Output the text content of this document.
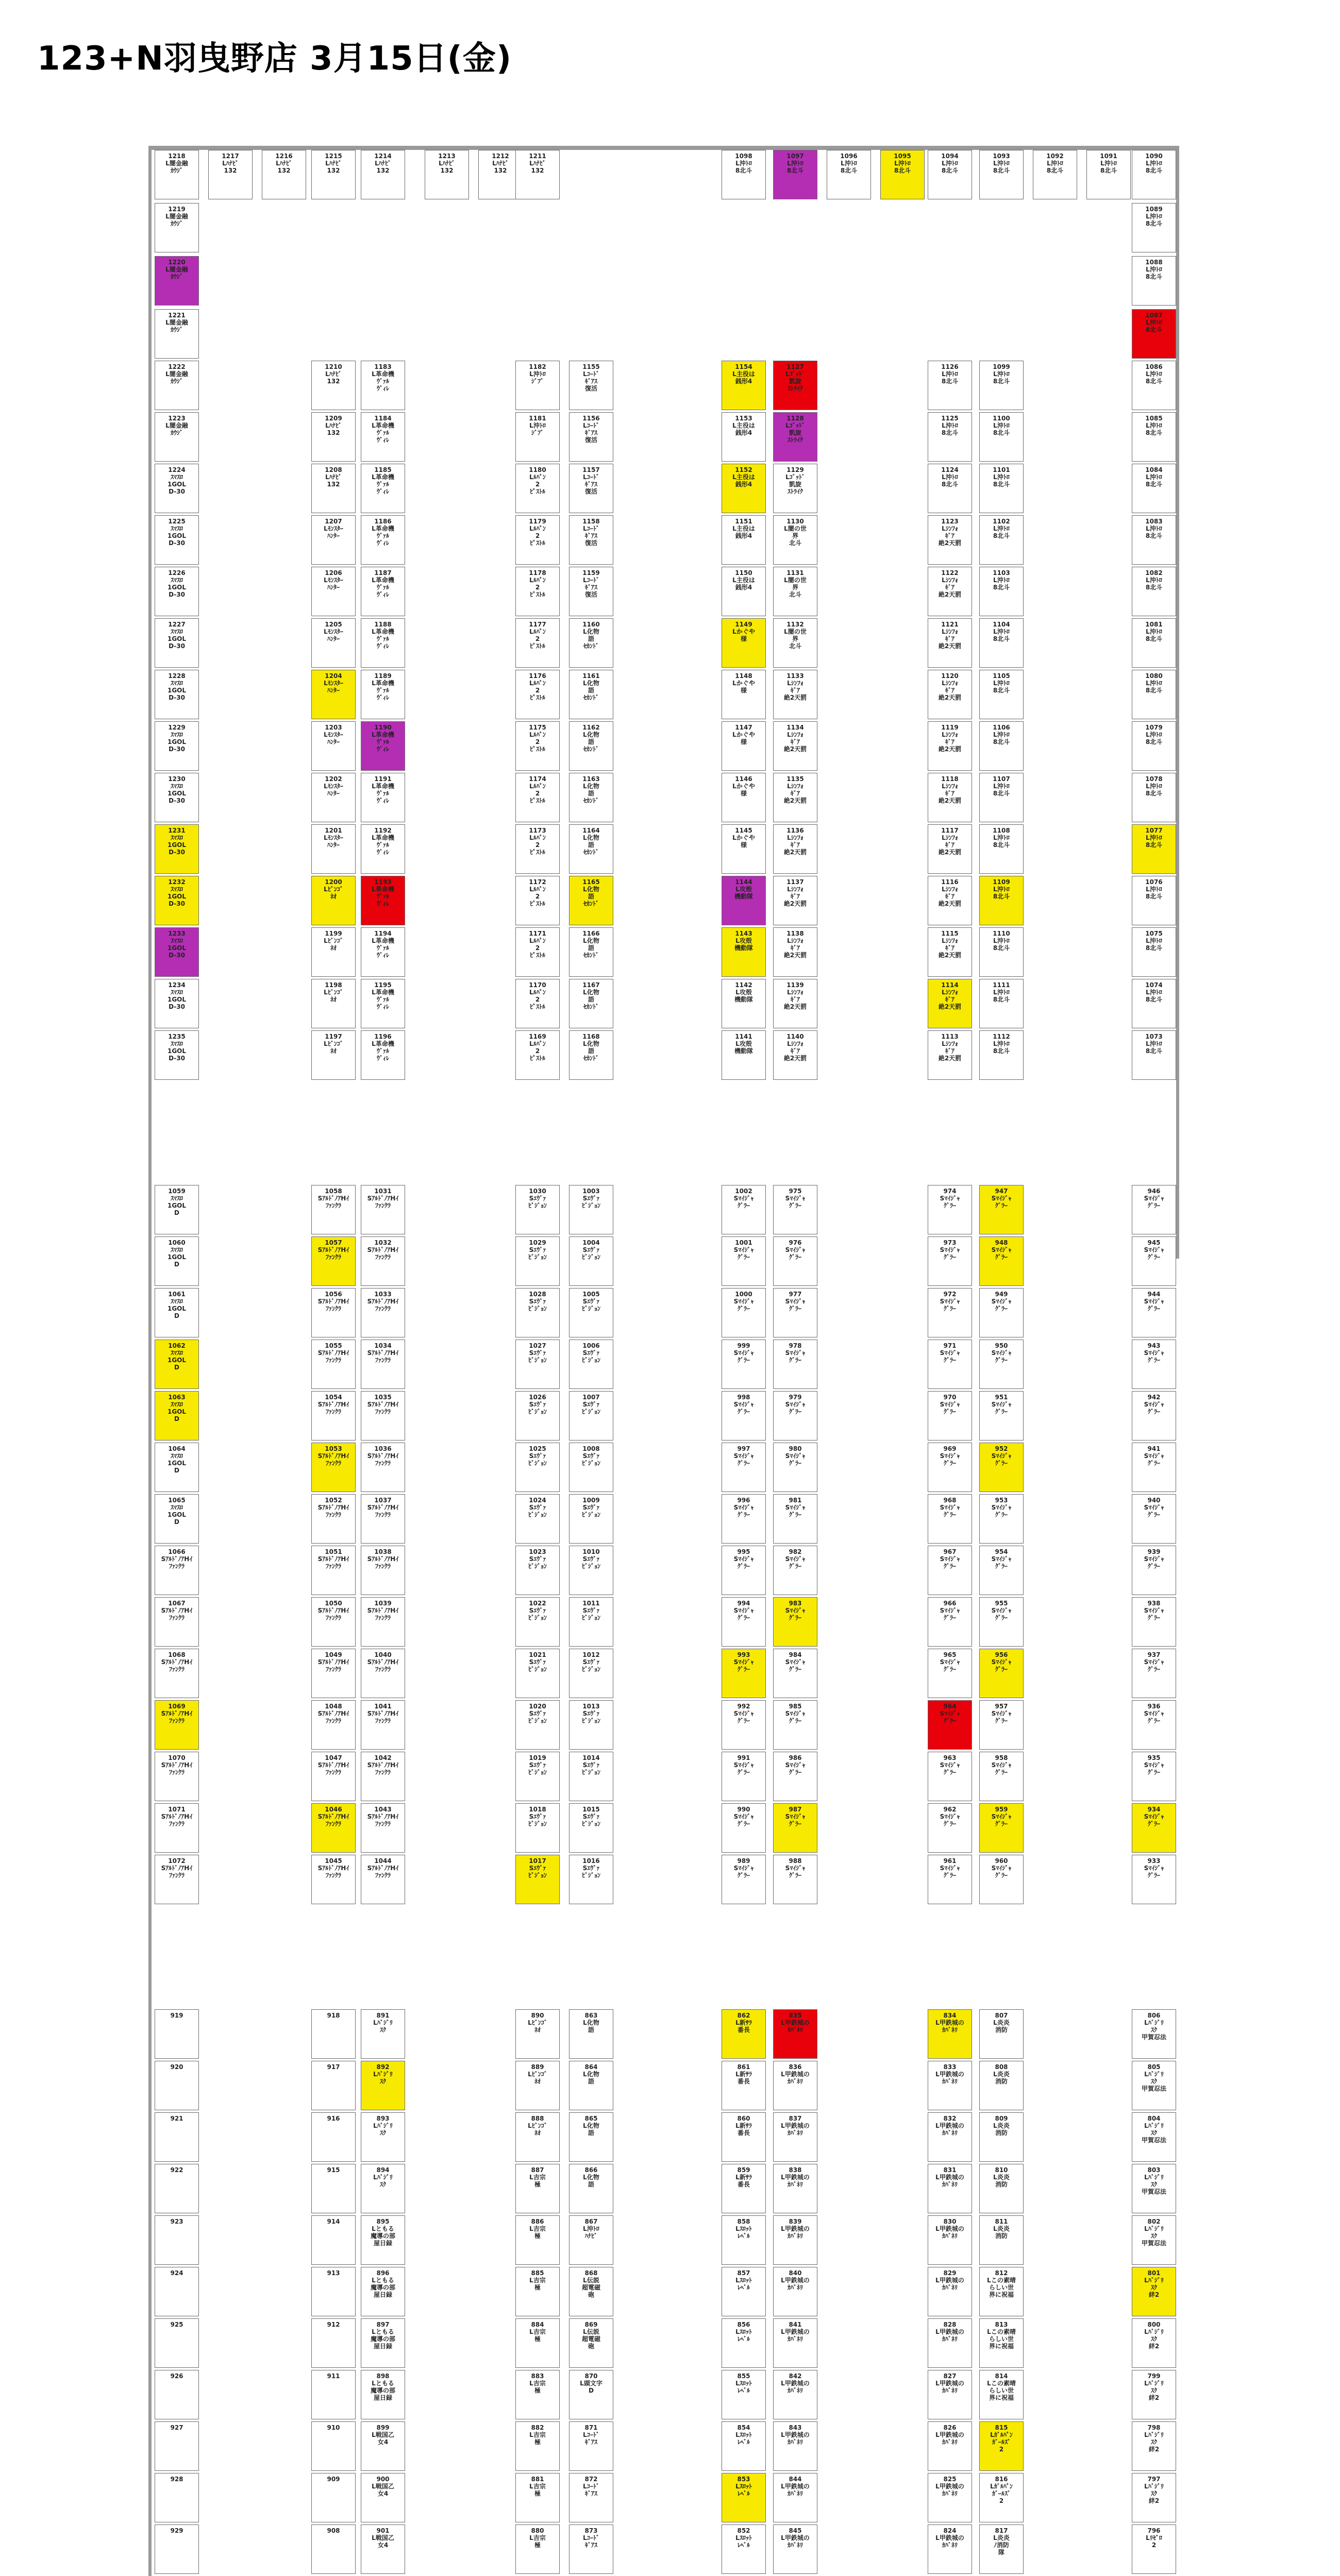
123+N羽曳野店 3月15日(金)
1218
L闇金融
ｶｳｼﾞ
1217
Lﾊﾅﾋﾞ
132
1216
Lﾊﾅﾋﾞ
132
1215
Lﾊﾅﾋﾞ
132
1214
Lﾊﾅﾋﾞ
132
1213
Lﾊﾅﾋﾞ
132
1212
Lﾊﾅﾋﾞ
132
1211
Lﾊﾅﾋﾞ
132
1098
L沖ﾄﾛ
8北斗
1097
L沖ﾄﾛ
8北斗
1096
L沖ﾄﾛ
8北斗
1095
L沖ﾄﾛ
8北斗
1094
L沖ﾄﾛ
8北斗
1093
L沖ﾄﾛ
8北斗
1092
L沖ﾄﾛ
8北斗
1091
L沖ﾄﾛ
8北斗
1090
L沖ﾄﾛ
8北斗
1219
L闇金融
ｶｳｼﾞ
1089
L沖ﾄﾛ
8北斗
1220
L闇金融
ｶｳｼﾞ
1088
L沖ﾄﾛ
8北斗
1221
L闇金融
ｶｳｼﾞ
1087
L沖ﾄﾛ
8北斗
1222
L闇金融
ｶｳｼﾞ
1210
Lﾊﾅﾋﾞ
132
1183
L革命機
ｳﾞｧﾙ
ｳﾞｨﾚ
1182
L沖ﾄﾛ
ｼﾞﾌﾞ
1155
Lｺｰﾄﾞ
ｷﾞｱｽ
復活
1154
L主役は
銭形4
1127
Lｺﾞｯﾄﾞ
凱旋
ｽﾄﾗｲｸ
1126
L沖ﾄﾛ
8北斗
1099
L沖ﾄﾛ
8北斗
1086
L沖ﾄﾛ
8北斗
1223
L闇金融
ｶｳｼﾞ
1209
Lﾊﾅﾋﾞ
132
1184
L革命機
ｳﾞｧﾙ
ｳﾞｨﾚ
1181
L沖ﾄﾛ
ｼﾞﾌﾞ
1156
Lｺｰﾄﾞ
ｷﾞｱｽ
復活
1153
L主役は
銭形4
1128
Lｺﾞｯﾄﾞ
凱旋
ｽﾄﾗｲｸ
1125
L沖ﾄﾛ
8北斗
1100
L沖ﾄﾛ
8北斗
1085
L沖ﾄﾛ
8北斗
1224
ｽﾏｽﾛ
1GOL
D-30
1208
Lﾊﾅﾋﾞ
132
1185
L革命機
ｳﾞｧﾙ
ｳﾞｨﾚ
1180
Lﾙﾊﾟﾝ
2
ﾋﾟｽﾄﾙ
1157
Lｺｰﾄﾞ
ｷﾞｱｽ
復活
1152
L主役は
銭形4
1129
Lｺﾞｯﾄﾞ
凱旋
ｽﾄﾗｲｸ
1124
L沖ﾄﾛ
8北斗
1101
L沖ﾄﾛ
8北斗
1084
L沖ﾄﾛ
8北斗
1225
ｽﾏｽﾛ
1GOL
D-30
1207
Lﾓﾝｽﾀｰ
ﾊﾝﾀｰ
1186
L革命機
ｳﾞｧﾙ
ｳﾞｨﾚ
1179
Lﾙﾊﾟﾝ
2
ﾋﾟｽﾄﾙ
1158
Lｺｰﾄﾞ
ｷﾞｱｽ
復活
1151
L主役は
銭形4
1130
L闇の世
界
北斗
1123
Lｼﾝﾌｫ
ｷﾞｱ
絶2天罰
1102
L沖ﾄﾛ
8北斗
1083
L沖ﾄﾛ
8北斗
1226
ｽﾏｽﾛ
1GOL
D-30
1206
Lﾓﾝｽﾀｰ
ﾊﾝﾀｰ
1187
L革命機
ｳﾞｧﾙ
ｳﾞｨﾚ
1178
Lﾙﾊﾟﾝ
2
ﾋﾟｽﾄﾙ
1159
Lｺｰﾄﾞ
ｷﾞｱｽ
復活
1150
L主役は
銭形4
1131
L闇の世
界
北斗
1122
Lｼﾝﾌｫ
ｷﾞｱ
絶2天罰
1103
L沖ﾄﾛ
8北斗
1082
L沖ﾄﾛ
8北斗
1227
ｽﾏｽﾛ
1GOL
D-30
1205
Lﾓﾝｽﾀｰ
ﾊﾝﾀｰ
1188
L革命機
ｳﾞｧﾙ
ｳﾞｨﾚ
1177
Lﾙﾊﾟﾝ
2
ﾋﾟｽﾄﾙ
1160
L化物
語
ｾｶﾝﾄﾞ
1149
Lかぐや
様
1132
L闇の世
界
北斗
1121
Lｼﾝﾌｫ
ｷﾞｱ
絶2天罰
1104
L沖ﾄﾛ
8北斗
1081
L沖ﾄﾛ
8北斗
1228
ｽﾏｽﾛ
1GOL
D-30
1204
Lﾓﾝｽﾀｰ
ﾊﾝﾀｰ
1189
L革命機
ｳﾞｧﾙ
ｳﾞｨﾚ
1176
Lﾙﾊﾟﾝ
2
ﾋﾟｽﾄﾙ
1161
L化物
語
ｾｶﾝﾄﾞ
1148
Lかぐや
様
1133
Lｼﾝﾌｫ
ｷﾞｱ
絶2天罰
1120
Lｼﾝﾌｫ
ｷﾞｱ
絶2天罰
1105
L沖ﾄﾛ
8北斗
1080
L沖ﾄﾛ
8北斗
1229
ｽﾏｽﾛ
1GOL
D-30
1203
Lﾓﾝｽﾀｰ
ﾊﾝﾀｰ
1190
L革命機
ｳﾞｧﾙ
ｳﾞｨﾚ
1175
Lﾙﾊﾟﾝ
2
ﾋﾟｽﾄﾙ
1162
L化物
語
ｾｶﾝﾄﾞ
1147
Lかぐや
様
1134
Lｼﾝﾌｫ
ｷﾞｱ
絶2天罰
1119
Lｼﾝﾌｫ
ｷﾞｱ
絶2天罰
1106
L沖ﾄﾛ
8北斗
1079
L沖ﾄﾛ
8北斗
1230
ｽﾏｽﾛ
1GOL
D-30
1202
Lﾓﾝｽﾀｰ
ﾊﾝﾀｰ
1191
L革命機
ｳﾞｧﾙ
ｳﾞｨﾚ
1174
Lﾙﾊﾟﾝ
2
ﾋﾟｽﾄﾙ
1163
L化物
語
ｾｶﾝﾄﾞ
1146
Lかぐや
様
1135
Lｼﾝﾌｫ
ｷﾞｱ
絶2天罰
1118
Lｼﾝﾌｫ
ｷﾞｱ
絶2天罰
1107
L沖ﾄﾛ
8北斗
1078
L沖ﾄﾛ
8北斗
1231
ｽﾏｽﾛ
1GOL
D-30
1201
Lﾓﾝｽﾀｰ
ﾊﾝﾀｰ
1192
L革命機
ｳﾞｧﾙ
ｳﾞｨﾚ
1173
Lﾙﾊﾟﾝ
2
ﾋﾟｽﾄﾙ
1164
L化物
語
ｾｶﾝﾄﾞ
1145
Lかぐや
様
1136
Lｼﾝﾌｫ
ｷﾞｱ
絶2天罰
1117
Lｼﾝﾌｫ
ｷﾞｱ
絶2天罰
1108
L沖ﾄﾛ
8北斗
1077
L沖ﾄﾛ
8北斗
1232
ｽﾏｽﾛ
1GOL
D-30
1200
Lﾋﾞﾝｺﾞ
ﾈｵ
1193
L革命機
ｳﾞｧﾙ
ｳﾞｨﾚ
1172
Lﾙﾊﾟﾝ
2
ﾋﾟｽﾄﾙ
1165
L化物
語
ｾｶﾝﾄﾞ
1144
L攻殻
機動隊
1137
Lｼﾝﾌｫ
ｷﾞｱ
絶2天罰
1116
Lｼﾝﾌｫ
ｷﾞｱ
絶2天罰
1109
L沖ﾄﾛ
8北斗
1076
L沖ﾄﾛ
8北斗
1233
ｽﾏｽﾛ
1GOL
D-30
1199
Lﾋﾞﾝｺﾞ
ﾈｵ
1194
L革命機
ｳﾞｧﾙ
ｳﾞｨﾚ
1171
Lﾙﾊﾟﾝ
2
ﾋﾟｽﾄﾙ
1166
L化物
語
ｾｶﾝﾄﾞ
1143
L攻殻
機動隊
1138
Lｼﾝﾌｫ
ｷﾞｱ
絶2天罰
1115
Lｼﾝﾌｫ
ｷﾞｱ
絶2天罰
1110
L沖ﾄﾛ
8北斗
1075
L沖ﾄﾛ
8北斗
1234
ｽﾏｽﾛ
1GOL
D-30
1198
Lﾋﾞﾝｺﾞ
ﾈｵ
1195
L革命機
ｳﾞｧﾙ
ｳﾞｨﾚ
1170
Lﾙﾊﾟﾝ
2
ﾋﾟｽﾄﾙ
1167
L化物
語
ｾｶﾝﾄﾞ
1142
L攻殻
機動隊
1139
Lｼﾝﾌｫ
ｷﾞｱ
絶2天罰
1114
Lｼﾝﾌｫ
ｷﾞｱ
絶2天罰
1111
L沖ﾄﾛ
8北斗
1074
L沖ﾄﾛ
8北斗
1235
ｽﾏｽﾛ
1GOL
D-30
1197
Lﾋﾞﾝｺﾞ
ﾈｵ
1196
L革命機
ｳﾞｧﾙ
ｳﾞｨﾚ
1169
Lﾙﾊﾟﾝ
2
ﾋﾟｽﾄﾙ
1168
L化物
語
ｾｶﾝﾄﾞ
1141
L攻殻
機動隊
1140
Lｼﾝﾌｫ
ｷﾞｱ
絶2天罰
1113
Lｼﾝﾌｫ
ｷﾞｱ
絶2天罰
1112
L沖ﾄﾛ
8北斗
1073
L沖ﾄﾛ
8北斗
1059
ｽﾏｽﾛ
1GOL
D
1058
SｱﾙﾄﾞﾉｱHｲ
ﾌｧﾝｸﾗ
1031
SｱﾙﾄﾞﾉｱHｲ
ﾌｧﾝｸﾗ
1030
Sｴｳﾞｧ
ﾋﾞｼﾞｮﾝ
1003
Sｴｳﾞｧ
ﾋﾞｼﾞｮﾝ
1002
Sﾏｲｼﾞｬ
ｸﾞﾗｰ
975
Sﾏｲｼﾞｬ
ｸﾞﾗｰ
974
Sﾏｲｼﾞｬ
ｸﾞﾗｰ
947
Sﾏｲｼﾞｬ
ｸﾞﾗｰ
946
Sﾏｲｼﾞｬ
ｸﾞﾗｰ
1060
ｽﾏｽﾛ
1GOL
D
1057
SｱﾙﾄﾞﾉｱHｲ
ﾌｧﾝｸﾗ
1032
SｱﾙﾄﾞﾉｱHｲ
ﾌｧﾝｸﾗ
1029
Sｴｳﾞｧ
ﾋﾞｼﾞｮﾝ
1004
Sｴｳﾞｧ
ﾋﾞｼﾞｮﾝ
1001
Sﾏｲｼﾞｬ
ｸﾞﾗｰ
976
Sﾏｲｼﾞｬ
ｸﾞﾗｰ
973
Sﾏｲｼﾞｬ
ｸﾞﾗｰ
948
Sﾏｲｼﾞｬ
ｸﾞﾗｰ
945
Sﾏｲｼﾞｬ
ｸﾞﾗｰ
1061
ｽﾏｽﾛ
1GOL
D
1056
SｱﾙﾄﾞﾉｱHｲ
ﾌｧﾝｸﾗ
1033
SｱﾙﾄﾞﾉｱHｲ
ﾌｧﾝｸﾗ
1028
Sｴｳﾞｧ
ﾋﾞｼﾞｮﾝ
1005
Sｴｳﾞｧ
ﾋﾞｼﾞｮﾝ
1000
Sﾏｲｼﾞｬ
ｸﾞﾗｰ
977
Sﾏｲｼﾞｬ
ｸﾞﾗｰ
972
Sﾏｲｼﾞｬ
ｸﾞﾗｰ
949
Sﾏｲｼﾞｬ
ｸﾞﾗｰ
944
Sﾏｲｼﾞｬ
ｸﾞﾗｰ
1062
ｽﾏｽﾛ
1GOL
D
1055
SｱﾙﾄﾞﾉｱHｲ
ﾌｧﾝｸﾗ
1034
SｱﾙﾄﾞﾉｱHｲ
ﾌｧﾝｸﾗ
1027
Sｴｳﾞｧ
ﾋﾞｼﾞｮﾝ
1006
Sｴｳﾞｧ
ﾋﾞｼﾞｮﾝ
999
Sﾏｲｼﾞｬ
ｸﾞﾗｰ
978
Sﾏｲｼﾞｬ
ｸﾞﾗｰ
971
Sﾏｲｼﾞｬ
ｸﾞﾗｰ
950
Sﾏｲｼﾞｬ
ｸﾞﾗｰ
943
Sﾏｲｼﾞｬ
ｸﾞﾗｰ
1063
ｽﾏｽﾛ
1GOL
D
1054
SｱﾙﾄﾞﾉｱHｲ
ﾌｧﾝｸﾗ
1035
SｱﾙﾄﾞﾉｱHｲ
ﾌｧﾝｸﾗ
1026
Sｴｳﾞｧ
ﾋﾞｼﾞｮﾝ
1007
Sｴｳﾞｧ
ﾋﾞｼﾞｮﾝ
998
Sﾏｲｼﾞｬ
ｸﾞﾗｰ
979
Sﾏｲｼﾞｬ
ｸﾞﾗｰ
970
Sﾏｲｼﾞｬ
ｸﾞﾗｰ
951
Sﾏｲｼﾞｬ
ｸﾞﾗｰ
942
Sﾏｲｼﾞｬ
ｸﾞﾗｰ
1064
ｽﾏｽﾛ
1GOL
D
1053
SｱﾙﾄﾞﾉｱHｲ
ﾌｧﾝｸﾗ
1036
SｱﾙﾄﾞﾉｱHｲ
ﾌｧﾝｸﾗ
1025
Sｴｳﾞｧ
ﾋﾞｼﾞｮﾝ
1008
Sｴｳﾞｧ
ﾋﾞｼﾞｮﾝ
997
Sﾏｲｼﾞｬ
ｸﾞﾗｰ
980
Sﾏｲｼﾞｬ
ｸﾞﾗｰ
969
Sﾏｲｼﾞｬ
ｸﾞﾗｰ
952
Sﾏｲｼﾞｬ
ｸﾞﾗｰ
941
Sﾏｲｼﾞｬ
ｸﾞﾗｰ
1065
ｽﾏｽﾛ
1GOL
D
1052
SｱﾙﾄﾞﾉｱHｲ
ﾌｧﾝｸﾗ
1037
SｱﾙﾄﾞﾉｱHｲ
ﾌｧﾝｸﾗ
1024
Sｴｳﾞｧ
ﾋﾞｼﾞｮﾝ
1009
Sｴｳﾞｧ
ﾋﾞｼﾞｮﾝ
996
Sﾏｲｼﾞｬ
ｸﾞﾗｰ
981
Sﾏｲｼﾞｬ
ｸﾞﾗｰ
968
Sﾏｲｼﾞｬ
ｸﾞﾗｰ
953
Sﾏｲｼﾞｬ
ｸﾞﾗｰ
940
Sﾏｲｼﾞｬ
ｸﾞﾗｰ
1066
SｱﾙﾄﾞﾉｱHｲ
ﾌｧﾝｸﾗ
1051
SｱﾙﾄﾞﾉｱHｲ
ﾌｧﾝｸﾗ
1038
SｱﾙﾄﾞﾉｱHｲ
ﾌｧﾝｸﾗ
1023
Sｴｳﾞｧ
ﾋﾞｼﾞｮﾝ
1010
Sｴｳﾞｧ
ﾋﾞｼﾞｮﾝ
995
Sﾏｲｼﾞｬ
ｸﾞﾗｰ
982
Sﾏｲｼﾞｬ
ｸﾞﾗｰ
967
Sﾏｲｼﾞｬ
ｸﾞﾗｰ
954
Sﾏｲｼﾞｬ
ｸﾞﾗｰ
939
Sﾏｲｼﾞｬ
ｸﾞﾗｰ
1067
SｱﾙﾄﾞﾉｱHｲ
ﾌｧﾝｸﾗ
1050
SｱﾙﾄﾞﾉｱHｲ
ﾌｧﾝｸﾗ
1039
SｱﾙﾄﾞﾉｱHｲ
ﾌｧﾝｸﾗ
1022
Sｴｳﾞｧ
ﾋﾞｼﾞｮﾝ
1011
Sｴｳﾞｧ
ﾋﾞｼﾞｮﾝ
994
Sﾏｲｼﾞｬ
ｸﾞﾗｰ
983
Sﾏｲｼﾞｬ
ｸﾞﾗｰ
966
Sﾏｲｼﾞｬ
ｸﾞﾗｰ
955
Sﾏｲｼﾞｬ
ｸﾞﾗｰ
938
Sﾏｲｼﾞｬ
ｸﾞﾗｰ
1068
SｱﾙﾄﾞﾉｱHｲ
ﾌｧﾝｸﾗ
1049
SｱﾙﾄﾞﾉｱHｲ
ﾌｧﾝｸﾗ
1040
SｱﾙﾄﾞﾉｱHｲ
ﾌｧﾝｸﾗ
1021
Sｴｳﾞｧ
ﾋﾞｼﾞｮﾝ
1012
Sｴｳﾞｧ
ﾋﾞｼﾞｮﾝ
993
Sﾏｲｼﾞｬ
ｸﾞﾗｰ
984
Sﾏｲｼﾞｬ
ｸﾞﾗｰ
965
Sﾏｲｼﾞｬ
ｸﾞﾗｰ
956
Sﾏｲｼﾞｬ
ｸﾞﾗｰ
937
Sﾏｲｼﾞｬ
ｸﾞﾗｰ
1069
SｱﾙﾄﾞﾉｱHｲ
ﾌｧﾝｸﾗ
1048
SｱﾙﾄﾞﾉｱHｲ
ﾌｧﾝｸﾗ
1041
SｱﾙﾄﾞﾉｱHｲ
ﾌｧﾝｸﾗ
1020
Sｴｳﾞｧ
ﾋﾞｼﾞｮﾝ
1013
Sｴｳﾞｧ
ﾋﾞｼﾞｮﾝ
992
Sﾏｲｼﾞｬ
ｸﾞﾗｰ
985
Sﾏｲｼﾞｬ
ｸﾞﾗｰ
964
Sﾏｲｼﾞｬ
ｸﾞﾗｰ
957
Sﾏｲｼﾞｬ
ｸﾞﾗｰ
936
Sﾏｲｼﾞｬ
ｸﾞﾗｰ
1070
SｱﾙﾄﾞﾉｱHｲ
ﾌｧﾝｸﾗ
1047
SｱﾙﾄﾞﾉｱHｲ
ﾌｧﾝｸﾗ
1042
SｱﾙﾄﾞﾉｱHｲ
ﾌｧﾝｸﾗ
1019
Sｴｳﾞｧ
ﾋﾞｼﾞｮﾝ
1014
Sｴｳﾞｧ
ﾋﾞｼﾞｮﾝ
991
Sﾏｲｼﾞｬ
ｸﾞﾗｰ
986
Sﾏｲｼﾞｬ
ｸﾞﾗｰ
963
Sﾏｲｼﾞｬ
ｸﾞﾗｰ
958
Sﾏｲｼﾞｬ
ｸﾞﾗｰ
935
Sﾏｲｼﾞｬ
ｸﾞﾗｰ
1071
SｱﾙﾄﾞﾉｱHｲ
ﾌｧﾝｸﾗ
1046
SｱﾙﾄﾞﾉｱHｲ
ﾌｧﾝｸﾗ
1043
SｱﾙﾄﾞﾉｱHｲ
ﾌｧﾝｸﾗ
1018
Sｴｳﾞｧ
ﾋﾞｼﾞｮﾝ
1015
Sｴｳﾞｧ
ﾋﾞｼﾞｮﾝ
990
Sﾏｲｼﾞｬ
ｸﾞﾗｰ
987
Sﾏｲｼﾞｬ
ｸﾞﾗｰ
962
Sﾏｲｼﾞｬ
ｸﾞﾗｰ
959
Sﾏｲｼﾞｬ
ｸﾞﾗｰ
934
Sﾏｲｼﾞｬ
ｸﾞﾗｰ
1072
SｱﾙﾄﾞﾉｱHｲ
ﾌｧﾝｸﾗ
1045
SｱﾙﾄﾞﾉｱHｲ
ﾌｧﾝｸﾗ
1044
SｱﾙﾄﾞﾉｱHｲ
ﾌｧﾝｸﾗ
1017
Sｴｳﾞｧ
ﾋﾞｼﾞｮﾝ
1016
Sｴｳﾞｧ
ﾋﾞｼﾞｮﾝ
989
Sﾏｲｼﾞｬ
ｸﾞﾗｰ
988
Sﾏｲｼﾞｬ
ｸﾞﾗｰ
961
Sﾏｲｼﾞｬ
ｸﾞﾗｰ
960
Sﾏｲｼﾞｬ
ｸﾞﾗｰ
933
Sﾏｲｼﾞｬ
ｸﾞﾗｰ
919	918	891
Lﾊﾞｼﾞﾘ
ｽｸ
890
Lﾋﾞﾝｺﾞ
ﾈｵ
863
L化物
語
862
L新ｻﾗ
番長
835
L甲鉄城の
ｶﾊﾞﾈﾘ
834
L甲鉄城の
ｶﾊﾞﾈﾘ
807
L炎炎
消防
806
Lﾊﾞｼﾞﾘ
ｽｸ
甲賀忍法
920	917	892
Lﾊﾞｼﾞﾘ
ｽｸ
889
Lﾋﾞﾝｺﾞ
ﾈｵ
864
L化物
語
861
L新ｻﾗ
番長
836
L甲鉄城の
ｶﾊﾞﾈﾘ
833
L甲鉄城の
ｶﾊﾞﾈﾘ
808
L炎炎
消防
805
Lﾊﾞｼﾞﾘ
ｽｸ
甲賀忍法
921	916	893
Lﾊﾞｼﾞﾘ
ｽｸ
888
Lﾋﾞﾝｺﾞ
ﾈｵ
865
L化物
語
860
L新ｻﾗ
番長
837
L甲鉄城の
ｶﾊﾞﾈﾘ
832
L甲鉄城の
ｶﾊﾞﾈﾘ
809
L炎炎
消防
804
Lﾊﾞｼﾞﾘ
ｽｸ
甲賀忍法
922	915	894
Lﾊﾞｼﾞﾘ
ｽｸ
887
L吉宗
極
866
L化物
語
859
L新ｻﾗ
番長
838
L甲鉄城の
ｶﾊﾞﾈﾘ
831
L甲鉄城の
ｶﾊﾞﾈﾘ
810
L炎炎
消防
803
Lﾊﾞｼﾞﾘ
ｽｸ
甲賀忍法
923	914	895
Lともる
魔導の部
屋日録
886
L吉宗
極
867
L沖ﾄﾛ
ﾊﾅﾋﾞ
858
Lｽﾛｯﾄ
ﾚﾍﾞﾙ
839
L甲鉄城の
ｶﾊﾞﾈﾘ
830
L甲鉄城の
ｶﾊﾞﾈﾘ
811
L炎炎
消防
802
Lﾊﾞｼﾞﾘ
ｽｸ
甲賀忍法
924	913	896
Lともる
魔導の部
屋日録
885
L吉宗
極
868
L伝説
超電磁
砲
857
Lｽﾛｯﾄ
ﾚﾍﾞﾙ
840
L甲鉄城の
ｶﾊﾞﾈﾘ
829
L甲鉄城の
ｶﾊﾞﾈﾘ
812
Lこの素晴
らしい世
界に祝福
801
Lﾊﾞｼﾞﾘ
ｽｸ
絆2
925	912	897
Lともる
魔導の部
屋日録
884
L吉宗
極
869
L伝説
超電磁
砲
856
Lｽﾛｯﾄ
ﾚﾍﾞﾙ
841
L甲鉄城の
ｶﾊﾞﾈﾘ
828
L甲鉄城の
ｶﾊﾞﾈﾘ
813
Lこの素晴
らしい世
界に祝福
800
Lﾊﾞｼﾞﾘ
ｽｸ
絆2
926	911	898
Lともる
魔導の部
屋日録
883
L吉宗
極
870
L頭文字
D
855
Lｽﾛｯﾄ
ﾚﾍﾞﾙ
842
L甲鉄城の
ｶﾊﾞﾈﾘ
827
L甲鉄城の
ｶﾊﾞﾈﾘ
814
Lこの素晴
らしい世
界に祝福
799
Lﾊﾞｼﾞﾘ
ｽｸ
絆2
927	910	899
L戦国乙
女4
882
L吉宗
極
871
Lｺｰﾄﾞ
ｷﾞｱｽ
854
Lｽﾛｯﾄ
ﾚﾍﾞﾙ
843
L甲鉄城の
ｶﾊﾞﾈﾘ
826
L甲鉄城の
ｶﾊﾞﾈﾘ
815
Lｶﾞﾙﾊﾟﾝ
ｶﾞｰﾙｽﾞ
2
798
Lﾊﾞｼﾞﾘ
ｽｸ
絆2
928	909	900
L戦国乙
女4
881
L吉宗
極
872
Lｺｰﾄﾞ
ｷﾞｱｽ
853
Lｽﾛｯﾄ
ﾚﾍﾞﾙ
844
L甲鉄城の
ｶﾊﾞﾈﾘ
825
L甲鉄城の
ｶﾊﾞﾈﾘ
816
Lｶﾞﾙﾊﾟﾝ
ｶﾞｰﾙｽﾞ
2
797
Lﾊﾞｼﾞﾘ
ｽｸ
絆2
929	908	901
L戦国乙
女4
880
L吉宗
極
873
Lｺｰﾄﾞ
ｷﾞｱｽ
852
Lｽﾛｯﾄ
ﾚﾍﾞﾙ
845
L甲鉄城の
ｶﾊﾞﾈﾘ
824
L甲鉄城の
ｶﾊﾞﾈﾘ
817
L炎炎
ﾉ消防
隊
796
Lﾘｾﾞﾛ
2
